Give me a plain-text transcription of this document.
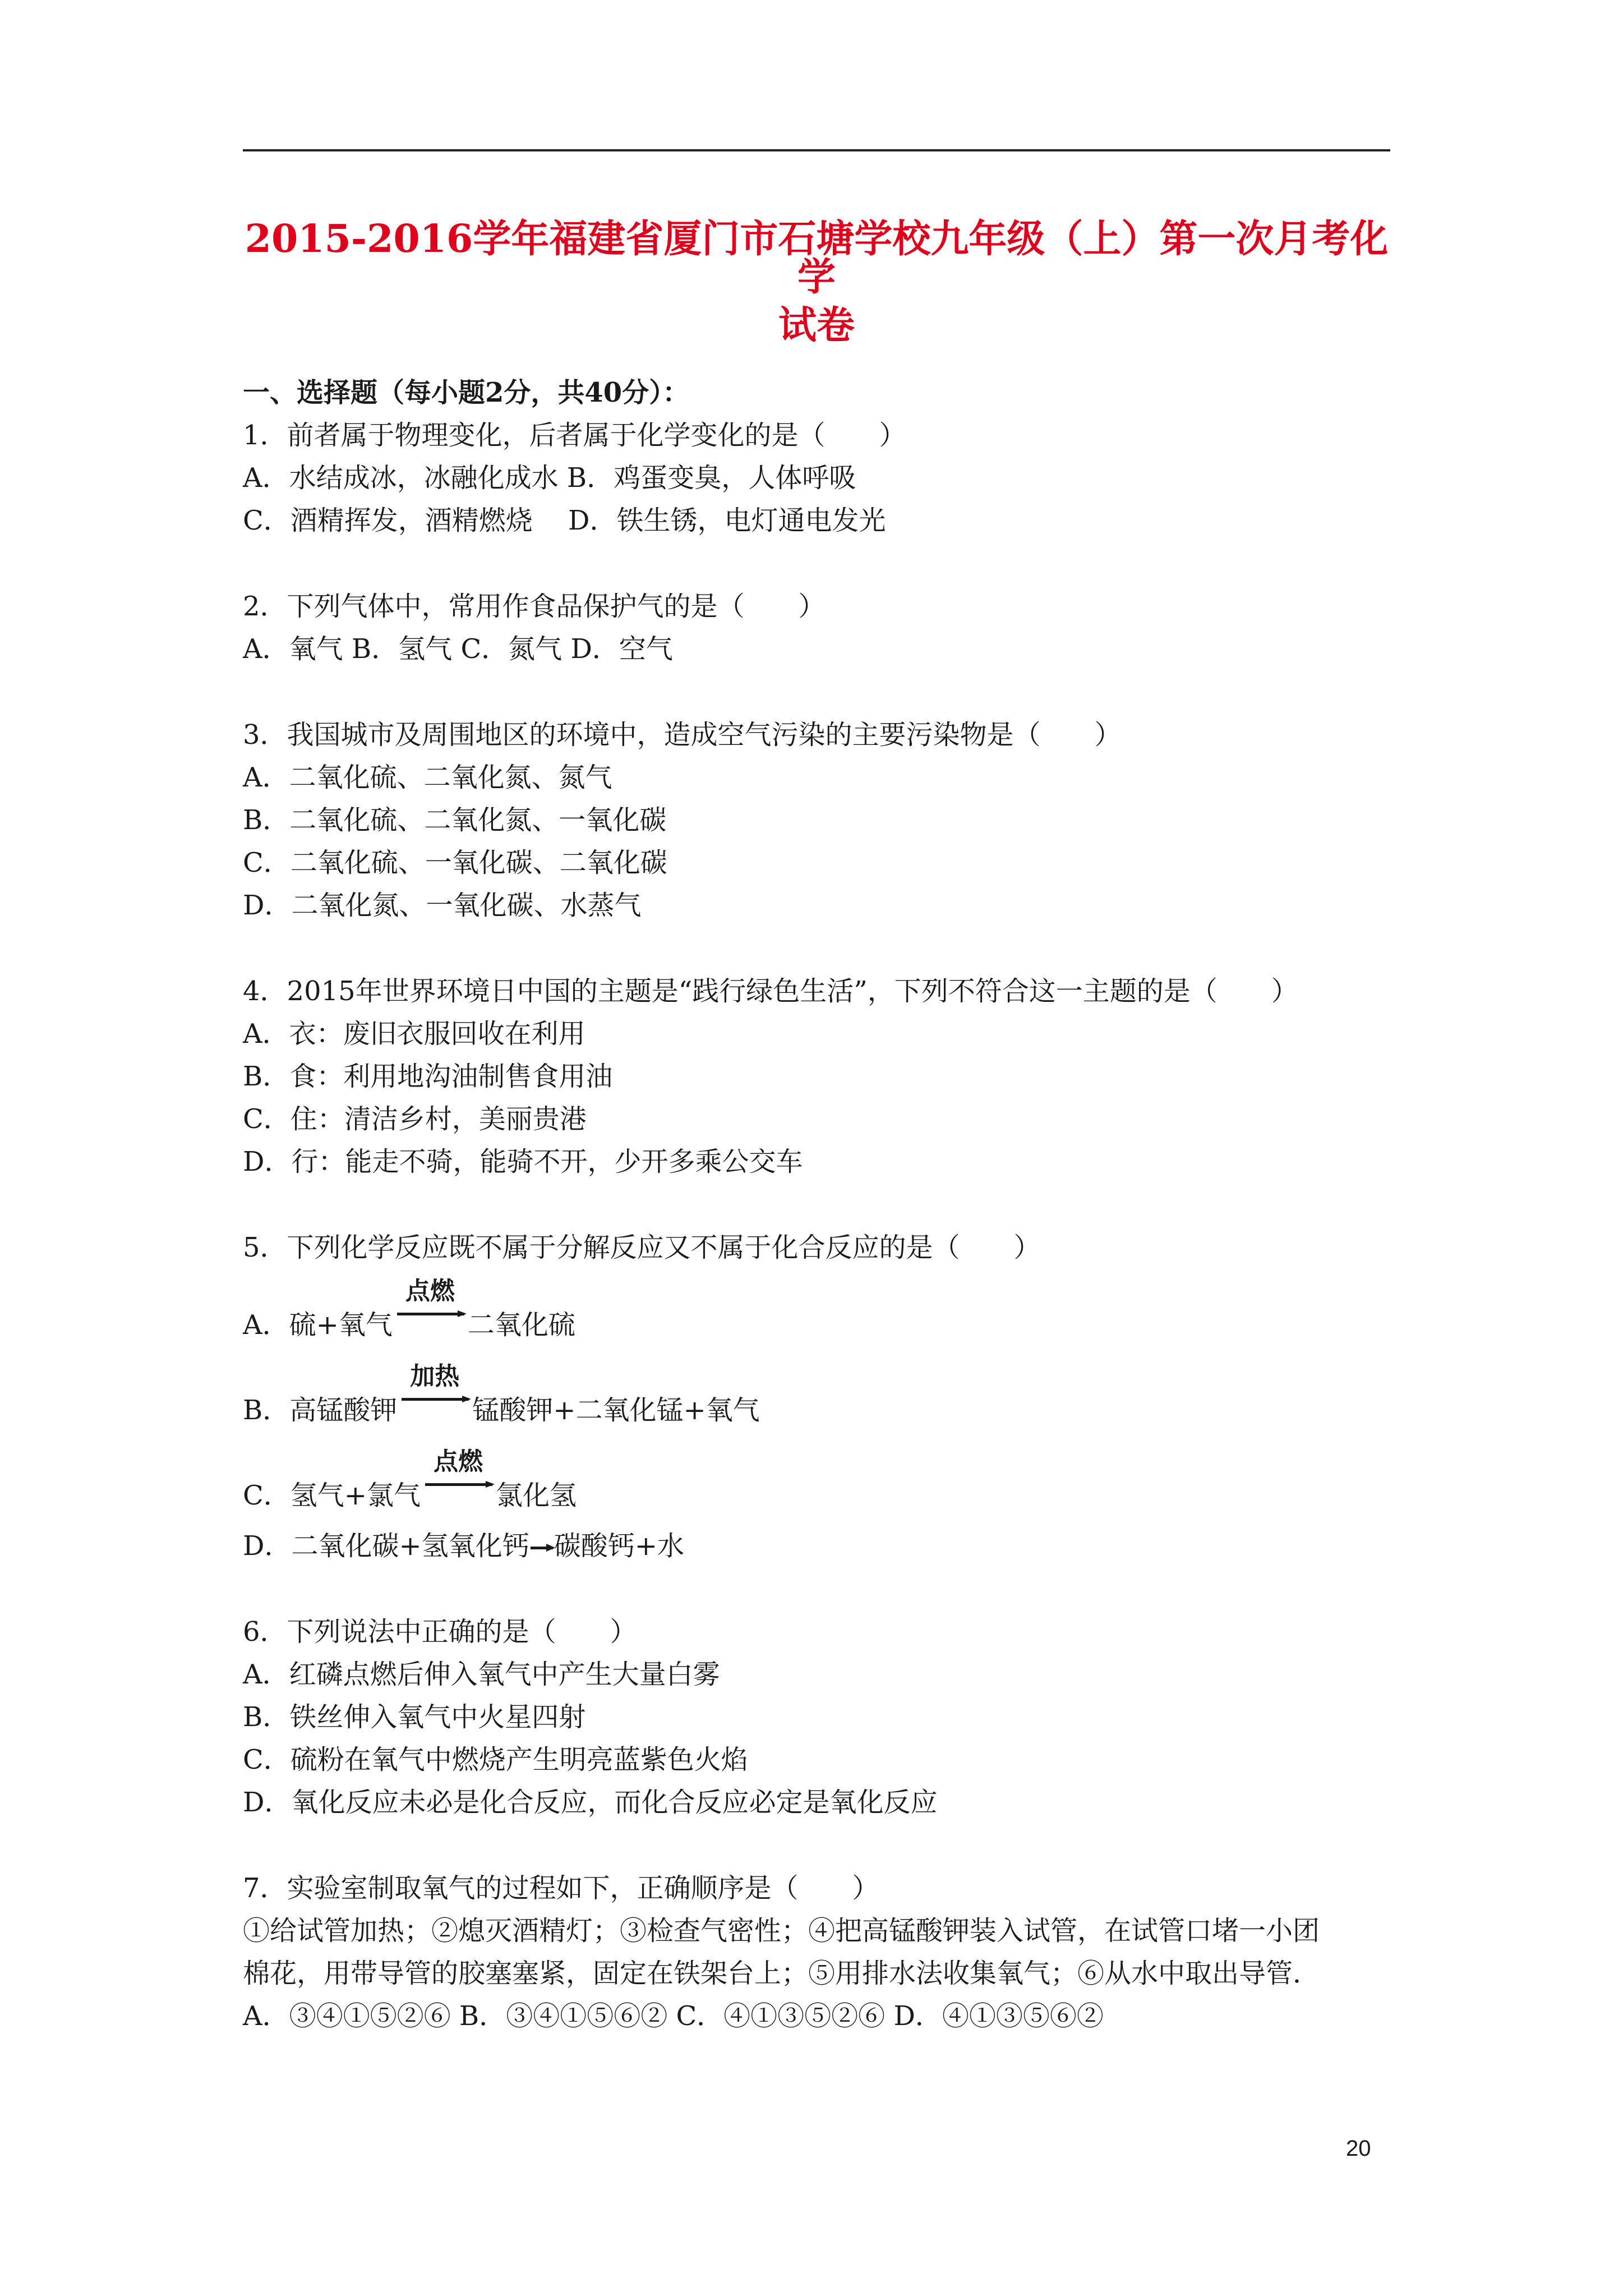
2015-2016学年福建省厦门市石塘学校九年级（上）第一次月考化学
试卷

一、选择题（每小题2分，共40分）：

1．前者属于物理变化，后者属于化学变化的是（　　）

A．水结成冰，冰融化成水 B．鸡蛋变臭，人体呼吸

C．酒精挥发，酒精燃烧　 D．铁生锈，电灯通电发光

2．下列气体中，常用作食品保护气的是（　　）

A．氧气 B．氢气 C．氮气 D．空气

3．我国城市及周围地区的环境中，造成空气污染的主要污染物是（　　）

A．二氧化硫、二氧化氮、氮气

B．二氧化硫、二氧化氮、一氧化碳

C．二氧化硫、一氧化碳、二氧化碳

D．二氧化氮、一氧化碳、水蒸气

4．2015年世界环境日中国的主题是“践行绿色生活”，下列不符合这一主题的是（　　）

A．衣：废旧衣服回收在利用

B．食：利用地沟油制售食用油

C．住：清洁乡村，美丽贵港

D．行：能走不骑，能骑不开，少开多乘公交车

5．下列化学反应既不属于分解反应又不属于化合反应的是（　　）

A．硫+氧气
点燃
二氧化硫
B．高锰酸钾
加热
锰酸钾+二氧化锰+氧气
C．氢气+氯气
点燃
氯化氢

D．二氧化碳+氢氧化钙 碳酸钙+水

6．下列说法中正确的是（　　）

A．红磷点燃后伸入氧气中产生大量白雾

B．铁丝伸入氧气中火星四射

C．硫粉在氧气中燃烧产生明亮蓝紫色火焰

D．氧化反应未必是化合反应，而化合反应必定是氧化反应

7．实验室制取氧气的过程如下，正确顺序是（　　）

①给试管加热；②熄灭酒精灯；③检查气密性；④把高锰酸钾装入试管，在试管口堵一小团

棉花，用带导管的胶塞塞紧，固定在铁架台上；⑤用排水法收集氧气；⑥从水中取出导管．

A．③④①⑤②⑥ B．③④①⑤⑥② C．④①③⑤②⑥ D．④①③⑤⑥②

20
